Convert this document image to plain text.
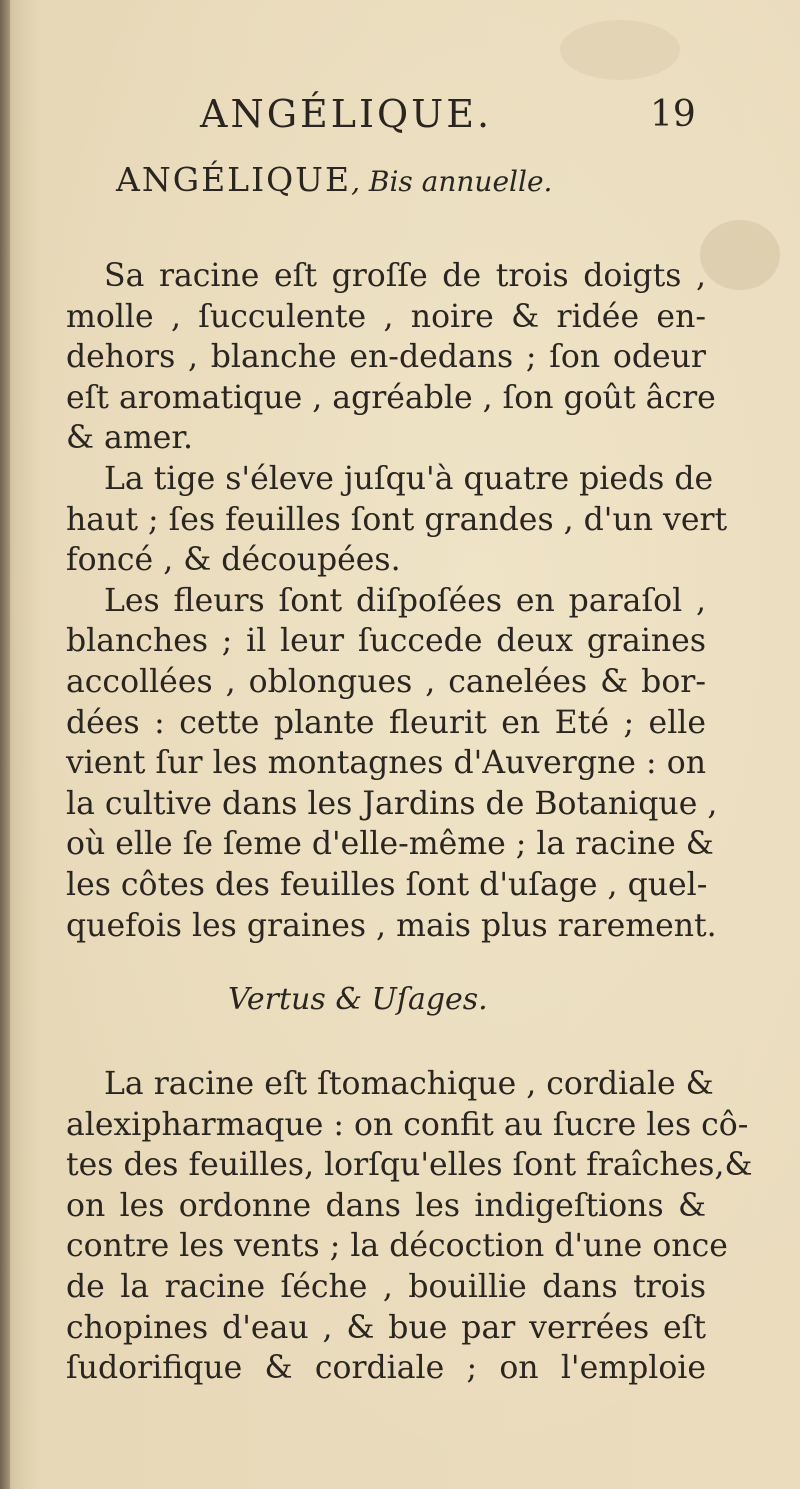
ANGÉLIQUE.	19
ANGÉLIQUE, Bis annuelle.
Sa racine eſt groſſe de trois doigts ,
molle , ſucculente , noire & ridée en-
dehors , blanche en-dedans ; ſon odeur
eſt aromatique , agréable , ſon goût âcre
& amer.
La tige s'éleve juſqu'à quatre pieds de
haut ; ſes feuilles ſont grandes , d'un vert
foncé , & découpées.
Les fleurs ſont diſpoſées en paraſol ,
blanches ; il leur ſuccede deux graines
accollées , oblongues , canelées & bor-
dées : cette plante fleurit en Eté ; elle
vient ſur les montagnes d'Auvergne : on
la cultive dans les Jardins de Botanique ,
où elle ſe ſeme d'elle-même ; la racine &
les côtes des feuilles ſont d'uſage , quel-
quefois les graines , mais plus rarement.
Vertus & Uſages.
La racine eſt ſtomachique , cordiale &
alexipharmaque : on confit au ſucre les cô-
tes des feuilles, lorſqu'elles ſont fraîches,&
on les ordonne dans les indigeſtions &
contre les vents ; la décoction d'une once
de la racine ſéche , bouillie dans trois
chopines d'eau , & bue par verrées eſt
ſudorifique & cordiale ; on l'emploie
